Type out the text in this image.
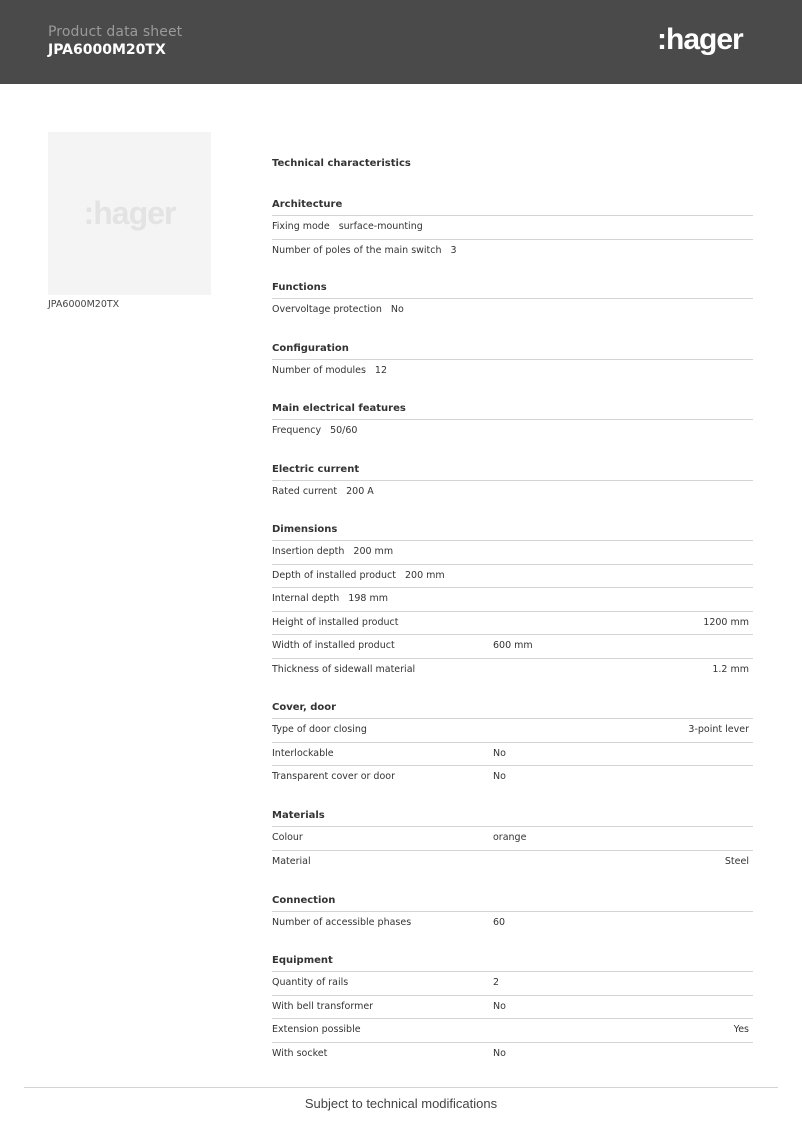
Product data sheet
JPA6000M20TX	:hager
:hager
JPA6000M20TX
Technical characteristics
Architecture
Fixing mode surface-mounting
Number of poles of the main switch 3
Functions
Overvoltage protection No
Configuration
Number of modules 12
Main electrical features
Frequency 50/60
Electric current
Rated current 200 A
Dimensions
Insertion depth 200 mm
Depth of installed product 200 mm
Internal depth 198 mm
Height of installed product	1200 mm
Width of installed product	600 mm
Thickness of sidewall material	1.2 mm
Cover, door
Type of door closing	3-point lever
Interlockable	No
Transparent cover or door	No
Materials
Colour	orange
Material	Steel
Connection
Number of accessible phases	60
Equipment
Quantity of rails	2
With bell transformer	No
Extension possible	Yes
With socket	No
Subject to technical modifications
